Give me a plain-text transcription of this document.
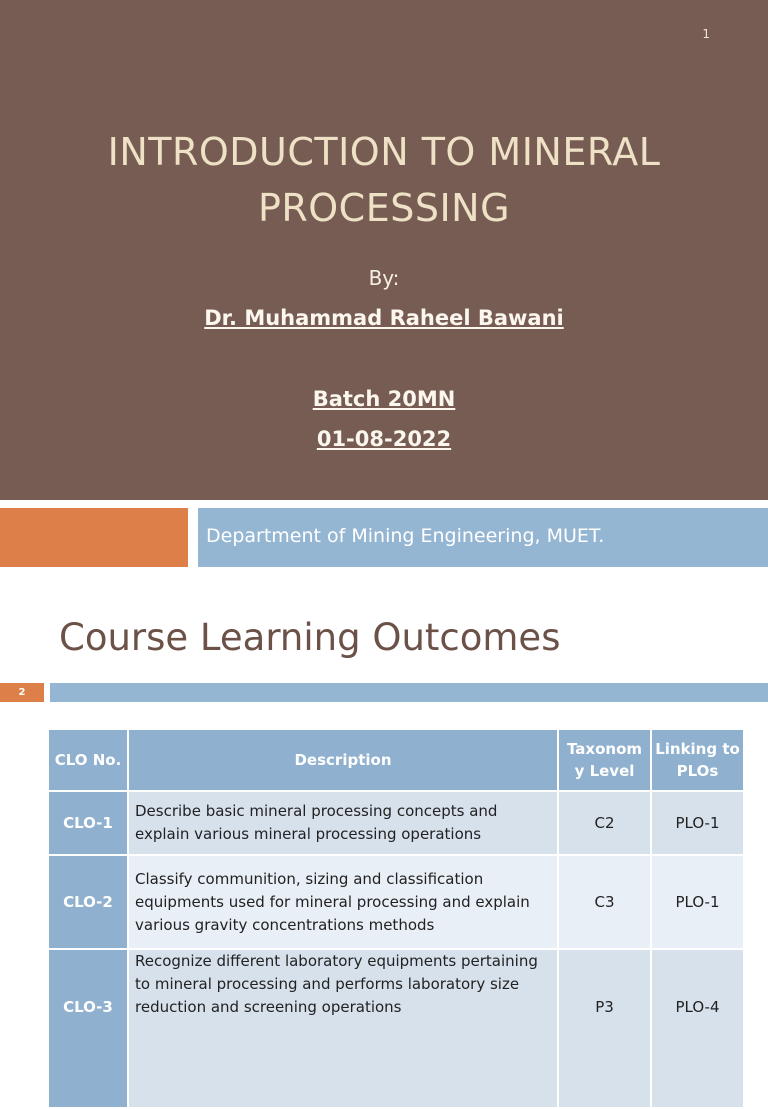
1
INTRODUCTION TO MINERAL
PROCESSING
By:
Dr. Muhammad Raheel Bawani
Batch 20MN
01-08-2022
Department of Mining Engineering, MUET.
Course Learning Outcomes
2
CLO No.	Description	Taxonom y Level	Linking to PLOs
CLO-1	Describe basic mineral processing concepts and explain various mineral processing operations	C2	PLO-1
CLO-2	Classify communition, sizing and classification equipments used for mineral processing and explain various gravity concentrations methods	C3	PLO-1
CLO-3	Recognize different laboratory equipments pertaining to mineral processing and performs laboratory size reduction and screening operations	P3	PLO-4
